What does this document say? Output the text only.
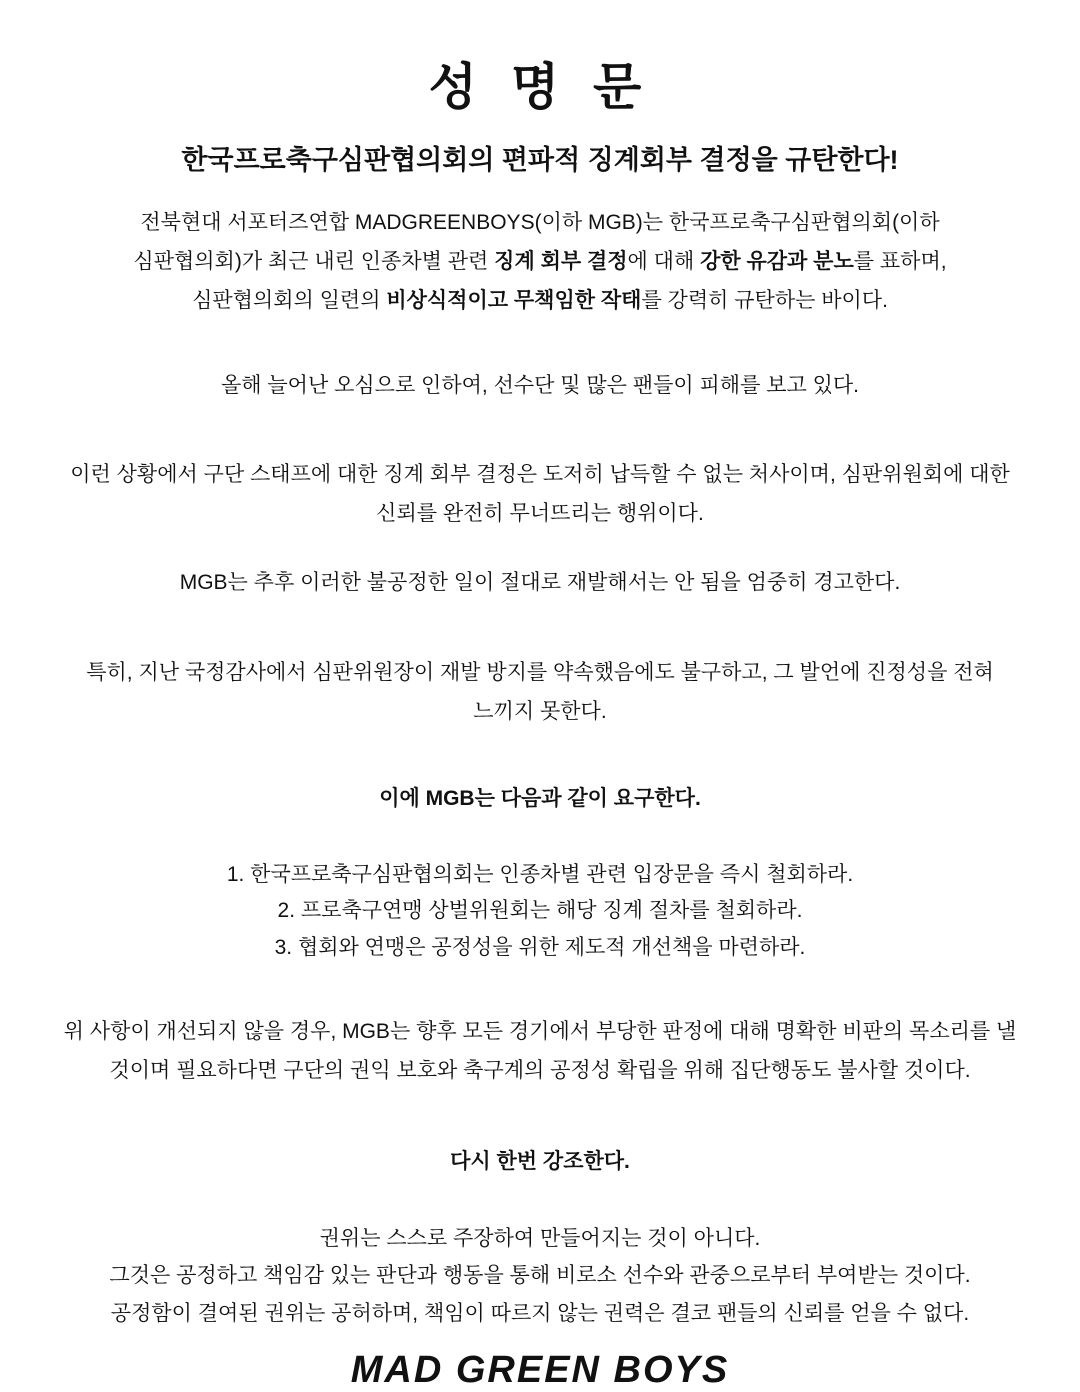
성 명 문
한국프로축구심판협의회의 편파적 징계회부 결정을 규탄한다!
전북현대 서포터즈연합 MADGREENBOYS(이하 MGB)는 한국프로축구심판협의회(이하
심판협의회)가 최근 내린 인종차별 관련 징계 회부 결정에 대해 강한 유감과 분노를 표하며,
심판협의회의 일련의 비상식적이고 무책임한 작태를 강력히 규탄하는 바이다.

올해 늘어난 오심으로 인하여, 선수단 및 많은 팬들이 피해를 보고 있다.

이런 상황에서 구단 스태프에 대한 징계 회부 결정은 도저히 납득할 수 없는 처사이며, 심판위원회에 대한 신뢰를 완전히 무너뜨리는 행위이다.

MGB는 추후 이러한 불공정한 일이 절대로 재발해서는 안 됨을 엄중히 경고한다.

특히, 지난 국정감사에서 심판위원장이 재발 방지를 약속했음에도 불구하고, 그 발언에 진정성을 전혀 느끼지 못한다.

이에 MGB는 다음과 같이 요구한다.

1. 한국프로축구심판협의회는 인종차별 관련 입장문을 즉시 철회하라.
2. 프로축구연맹 상벌위원회는 해당 징계 절차를 철회하라.
3. 협회와 연맹은 공정성을 위한 제도적 개선책을 마련하라.
위 사항이 개선되지 않을 경우, MGB는 향후 모든 경기에서 부당한 판정에 대해 명확한 비판의 목소리를 낼 것이며 필요하다면 구단의 권익 보호와 축구계의 공정성 확립을 위해 집단행동도 불사할 것이다.

다시 한번 강조한다.

권위는 스스로 주장하여 만들어지는 것이 아니다.
그것은 공정하고 책임감 있는 판단과 행동을 통해 비로소 선수와 관중으로부터 부여받는 것이다.
공정함이 결여된 권위는 공허하며, 책임이 따르지 않는 권력은 결코 팬들의 신뢰를 얻을 수 없다.
MAD GREEN BOYS
